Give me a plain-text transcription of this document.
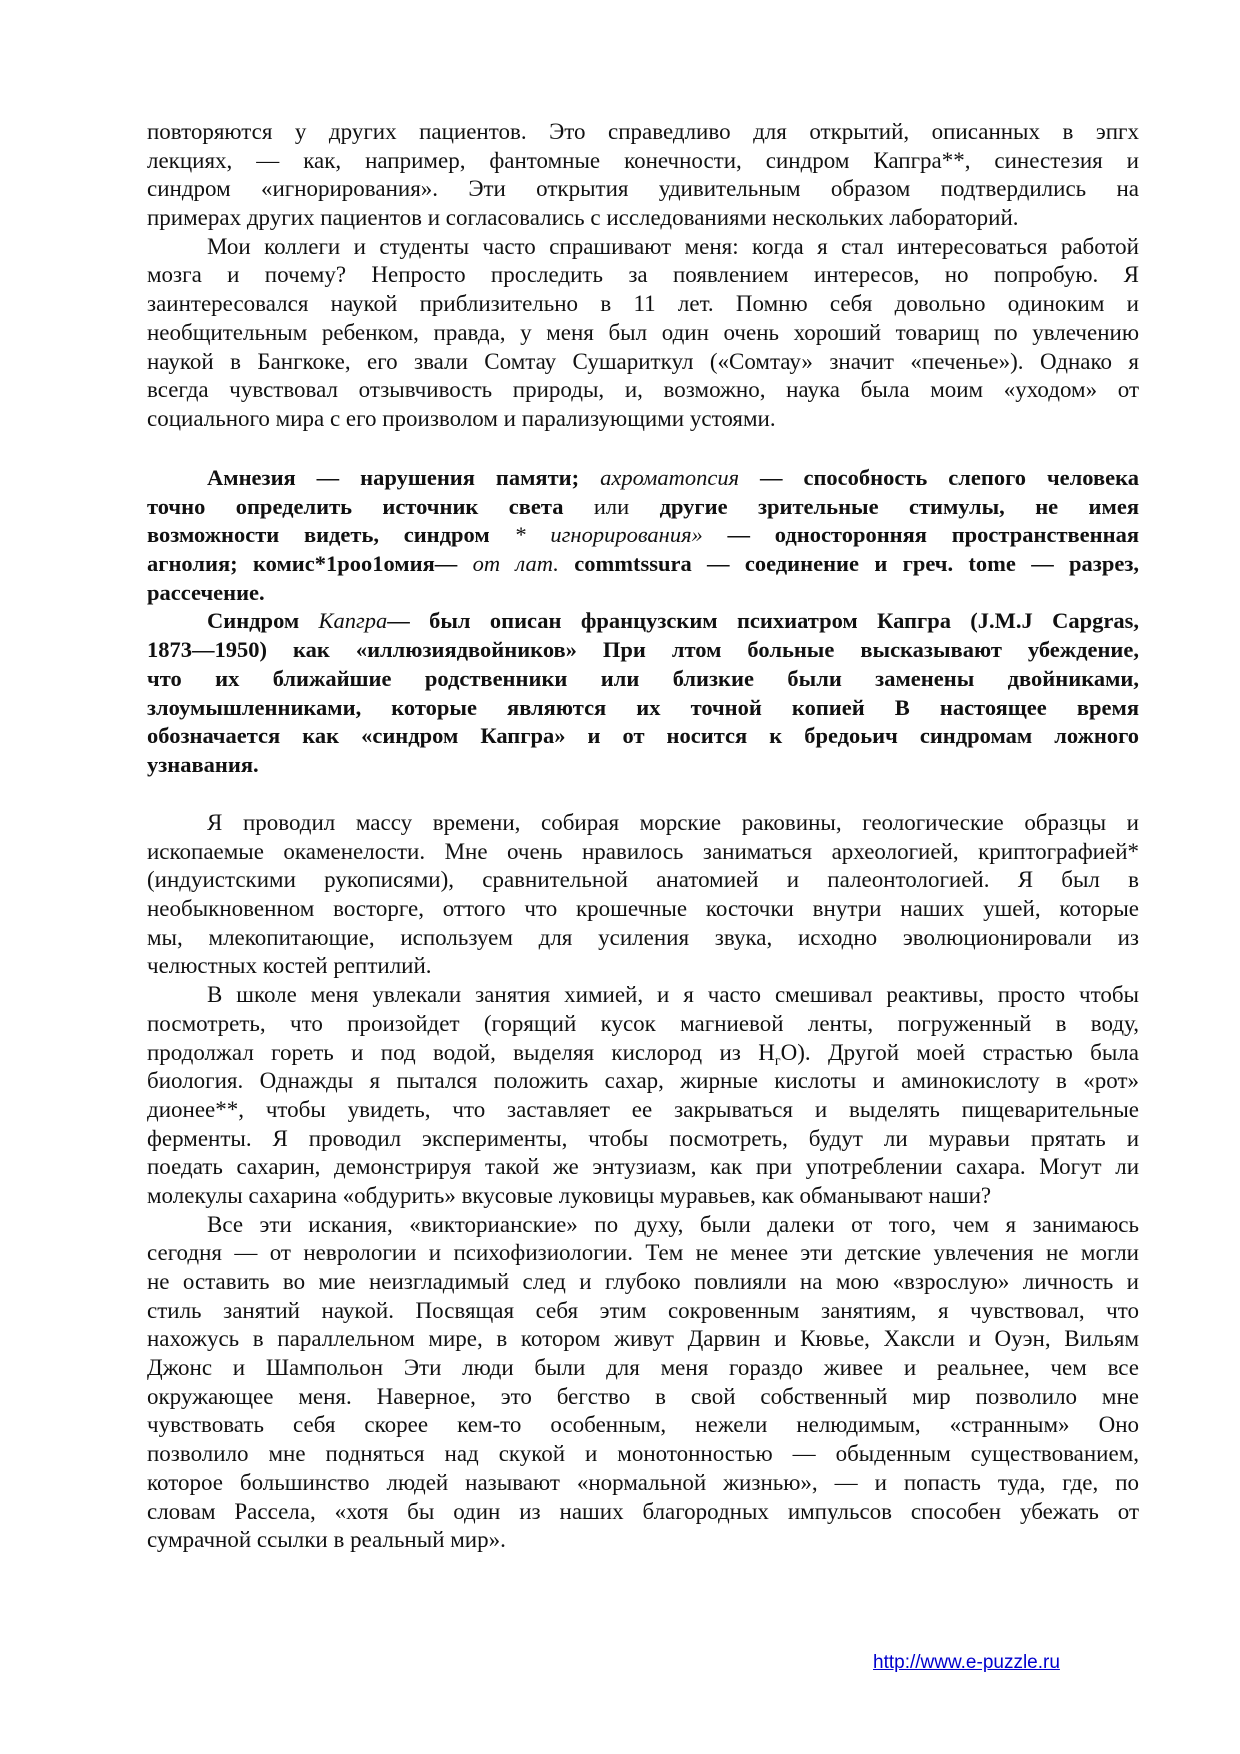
повторяются у других пациентов. Это справедливо для открытий, описанных в эпгх
лекциях, — как, например, фантомные конечности, синдром Капгра**, синестезия и
синдром «игнорирования». Эти открытия удивительным образом подтвердились на
примерах других пациентов и согласовались с исследованиями нескольких лабораторий.
Мои коллеги и студенты часто спрашивают меня: когда я стал интересоваться работой
мозга и почему? Непросто проследить за появлением интересов, но попробую. Я
заинтересовался наукой приблизительно в 11 лет. Помню себя довольно одиноким и
необщительным ребенком, правда, у меня был один очень хороший товарищ по увлечению
наукой в Бангкоке, его звали Сомтау Сушариткул («Сомтау» значит «печенье»). Однако я
всегда чувствовал отзывчивость природы, и, возможно, наука была моим «уходом» от
социального мира с его произволом и парализующими устоями.
Амнезия — нарушения памяти; ахроматопсия — способность слепого человека
точно определить источник света или другие зрительные стимулы, не имея
возможности видеть, синдром * игнорирования» — односторонняя пространственная
агнолия; комис*1роо1омия— от лат. commtssura — соединение и греч. tome — разрез,
рассечение.
Синдром Капгра— был описан французским психиатром Капгра (J.M.J Capgras,
1873—1950) как «иллюзиядвойников» При лтом больные высказывают убеждение,
что их ближайшие родственники или близкие были заменены двойниками,
злоумышленниками, которые являются их точной копией В настоящее время
обозначается как «синдром Капгра» и от носится к бредоьич синдромам ложного
узнавания.
Я проводил массу времени, собирая морские раковины, геологические образцы и
ископаемые окаменелости. Мне очень нравилось заниматься археологией, криптографией*
(индуистскими рукописями), сравнительной анатомией и палеонтологией. Я был в
необыкновенном восторге, оттого что крошечные косточки внутри наших ушей, которые
мы, млекопитающие, используем для усиления звука, исходно эволюционировали из
челюстных костей рептилий.
В школе меня увлекали занятия химией, и я часто смешивал реактивы, просто чтобы
посмотреть, что произойдет (горящий кусок магниевой ленты, погруженный в воду,
продолжал гореть и под водой, выделяя кислород из $Н_гО$). Другой моей страстью была
биология. Однажды я пытался положить сахар, жирные кислоты и аминокислоту в «рот»
дионее**, чтобы увидеть, что заставляет ее закрываться и выделять пищеварительные
ферменты. Я проводил эксперименты, чтобы посмотреть, будут ли муравьи прятать и
поедать сахарин, демонстрируя такой же энтузиазм, как при употреблении сахара. Могут ли
молекулы сахарина «обдурить» вкусовые луковицы муравьев, как обманывают наши?
Все эти искания, «викторианские» по духу, были далеки от того, чем я занимаюсь
сегодня — от неврологии и психофизиологии. Тем не менее эти детские увлечения не могли
не оставить во мие неизгладимый след и глубоко повлияли на мою «взрослую» личность и
стиль занятий наукой. Посвящая себя этим сокровенным занятиям, я чувствовал, что
нахожусь в параллельном мире, в котором живут Дарвин и Кювье, Хаксли и Оуэн, Вильям
Джонс и Шампольон Эти люди были для меня гораздо живее и реальнее, чем все
окружающее меня. Наверное, это бегство в свой собственный мир позволило мне
чувствовать себя скорее кем-то особенным, нежели нелюдимым, «странным» Оно
позволило мне подняться над скукой и монотонностью — обыденным существованием,
которое большинство людей называют «нормальной жизнью», — и попасть туда, где, по
словам Рассела, «хотя бы один из наших благородных импульсов способен убежать от
сумрачной ссылки в реальный мир».
http://www.e-puzzle.ru
